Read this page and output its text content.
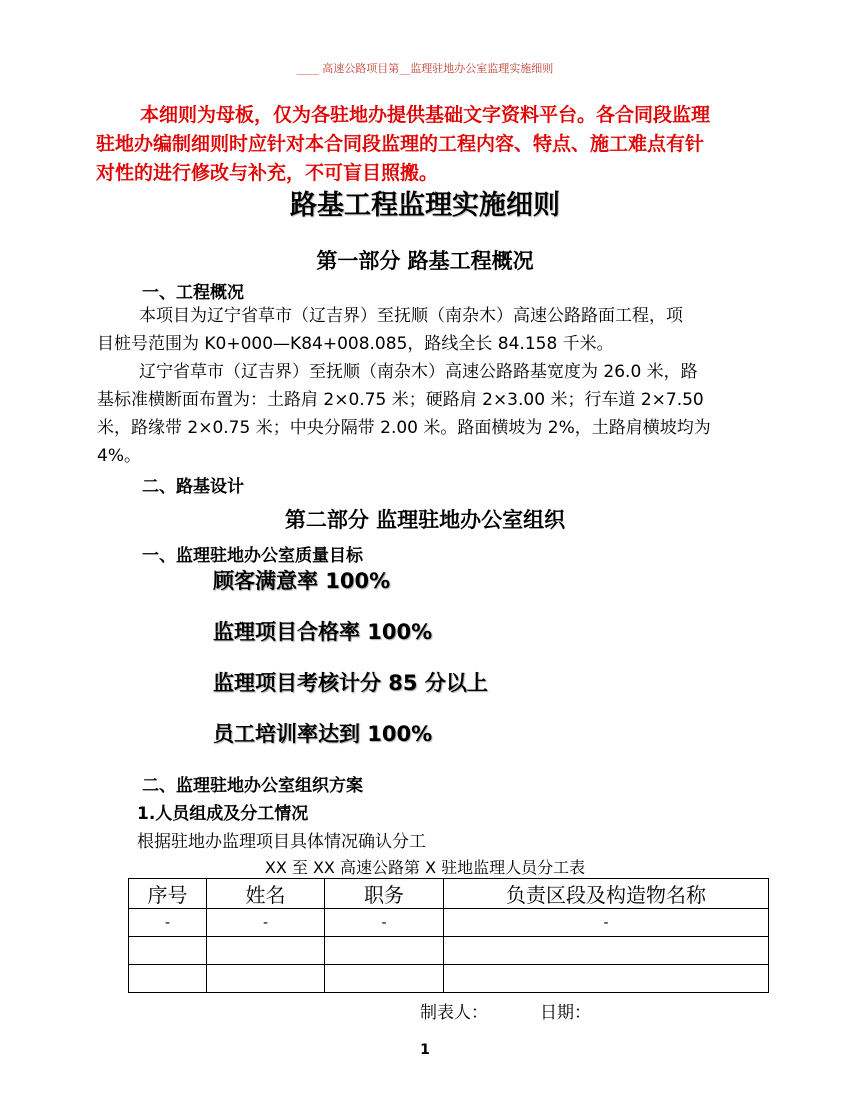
____ 高速公路项目第__监理驻地办公室监理实施细则
本细则为母板，仅为各驻地办提供基础文字资料平台。各合同段监理
驻地办编制细则时应针对本合同段监理的工程内容、特点、施工难点有针
对性的进行修改与补充，不可盲目照搬。
路基工程监理实施细则
第一部分 路基工程概况
一、工程概况
本项目为辽宁省草市（辽吉界）至抚顺（南杂木）高速公路路面工程，项
目桩号范围为 K0+000—K84+008.085，路线全长 84.158 千米。
辽宁省草市（辽吉界）至抚顺（南杂木）高速公路路基宽度为 26.0 米，路
基标准横断面布置为：土路肩 2×0.75 米；硬路肩 2×3.00 米；行车道 2×7.50
米，路缘带 2×0.75 米；中央分隔带 2.00 米。路面横坡为 2%，土路肩横坡均为
4%。
二、路基设计
第二部分 监理驻地办公室组织
一、监理驻地办公室质量目标
顾客满意率 100%
监理项目合格率 100%
监理项目考核计分 85 分以上
员工培训率达到 100%
二、监理驻地办公室组织方案
1.人员组成及分工情况
根据驻地办监理项目具体情况确认分工
XX 至 XX 高速公路第 X 驻地监理人员分工表
序号	姓名	职务	负责区段及构造物名称
-	-	-	-

制表人：	日期：
1
